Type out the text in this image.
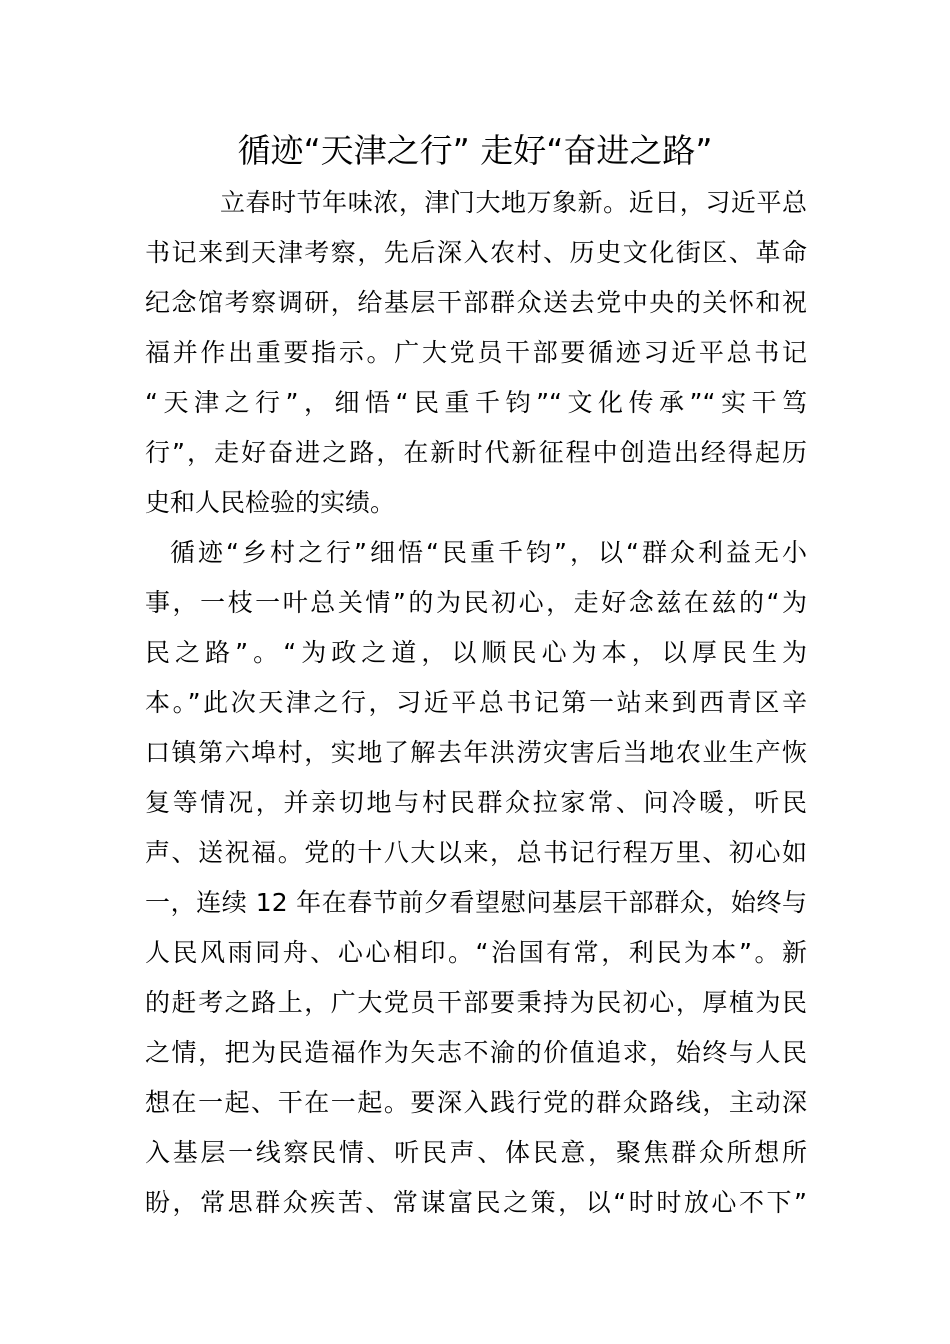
循迹“天津之行” 走好“奋进之路”
立春时节年味浓，津门大地万象新。近日，习近平总
书记来到天津考察，先后深入农村、历史文化街区、革命
纪念馆考察调研，给基层干部群众送去党中央的关怀和祝
福并作出重要指示。广大党员干部要循迹习近平总书记
“天津之行”，细悟“民重千钧”“文化传承”“实干笃
行”，走好奋进之路，在新时代新征程中创造出经得起历
史和人民检验的实绩。
循迹“乡村之行”细悟“民重千钧”，以“群众利益无小
事，一枝一叶总关情”的为民初心，走好念兹在兹的“为
民之路”。“为政之道，以顺民心为本，以厚民生为
本。”此次天津之行，习近平总书记第一站来到西青区辛
口镇第六埠村，实地了解去年洪涝灾害后当地农业生产恢
复等情况，并亲切地与村民群众拉家常、问冷暖，听民
声、送祝福。党的十八大以来，总书记行程万里、初心如
一，连续 12 年在春节前夕看望慰问基层干部群众，始终与
人民风雨同舟、心心相印。“治国有常，利民为本”。新
的赶考之路上，广大党员干部要秉持为民初心，厚植为民
之情，把为民造福作为矢志不渝的价值追求，始终与人民
想在一起、干在一起。要深入践行党的群众路线，主动深
入基层一线察民情、听民声、体民意，聚焦群众所想所
盼，常思群众疾苦、常谋富民之策，以“时时放心不下”
